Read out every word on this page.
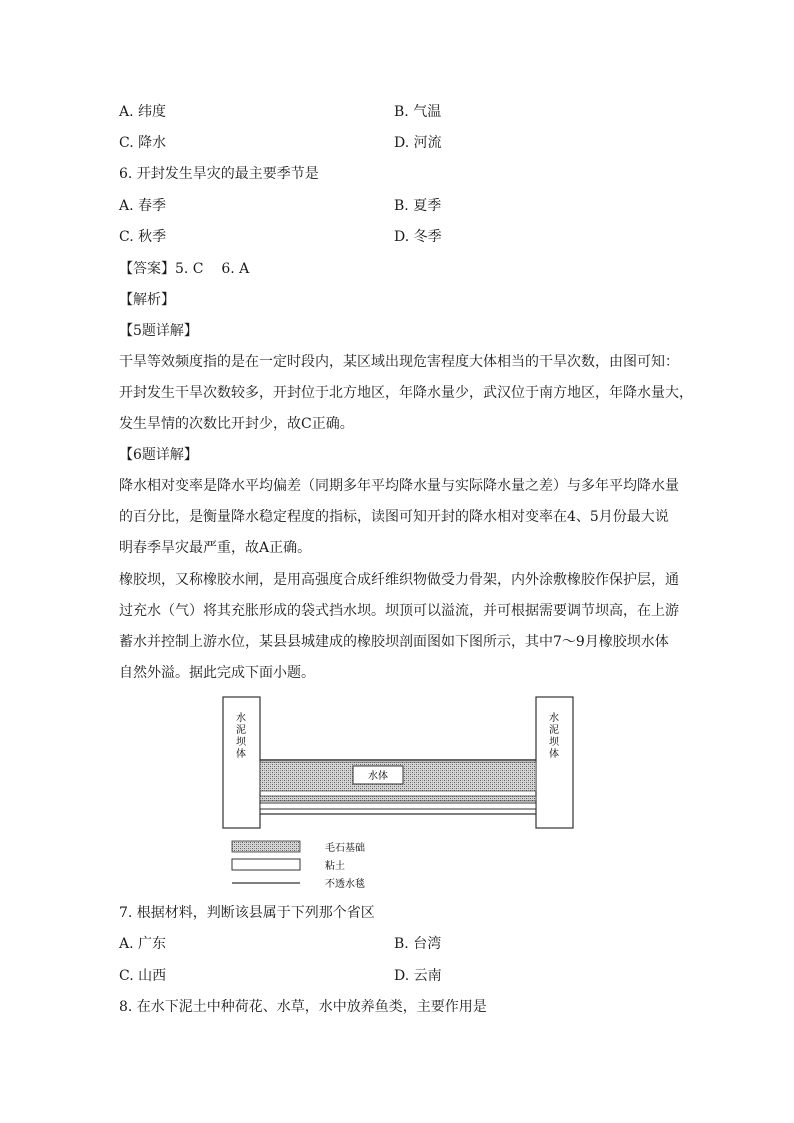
A. 纬度	B. 气温
C. 降水	D. 河流
6. 开封发生旱灾的最主要季节是
A. 春季	B. 夏季
C. 秋季	D. 冬季
【答案】5. C    6. A
【解析】
【5题详解】
干旱等效频度指的是在一定时段内，某区域出现危害程度大体相当的干旱次数，由图可知：
开封发生干旱次数较多，开封位于北方地区，年降水量少，武汉位于南方地区，年降水量大，
发生旱情的次数比开封少，故C正确。
【6题详解】
降水相对变率是降水平均偏差（同期多年平均降水量与实际降水量之差）与多年平均降水量
的百分比，是衡量降水稳定程度的指标，读图可知开封的降水相对变率在4、5月份最大说
明春季旱灾最严重，故A正确。
橡胶坝，又称橡胶水闸，是用高强度合成纤维织物做受力骨架，内外涂敷橡胶作保护层，通
过充水（气）将其充胀形成的袋式挡水坝。坝顶可以溢流，并可根据需要调节坝高，在上游
蓄水并控制上游水位，某县县城建成的橡胶坝剖面图如下图所示，其中7～9月橡胶坝水体
自然外溢。据此完成下面小题。
水体
水
泥
坝
体
水
泥
坝
体
毛石基础
粘土
不透水毯
7. 根据材料，判断该县属于下列那个省区
A. 广东	B. 台湾
C. 山西	D. 云南
8. 在水下泥土中种荷花、水草，水中放养鱼类，主要作用是
